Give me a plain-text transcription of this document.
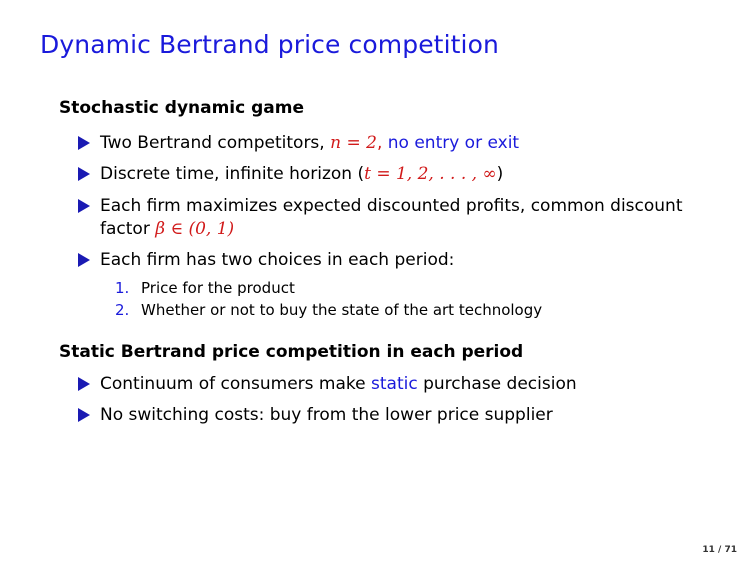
Dynamic Bertrand price competition
Stochastic dynamic game
Two Bertrand competitors, n = 2, no entry or exit
Discrete time, infinite horizon (t = 1, 2, . . . , ∞)
Each firm maximizes expected discounted profits, common discount
factor β ∈ (0, 1)
Each firm has two choices in each period:
1. Price for the product
2. Whether or not to buy the state of the art technology
Static Bertrand price competition in each period
Continuum of consumers make static purchase decision
No switching costs: buy from the lower price supplier
11 / 71
